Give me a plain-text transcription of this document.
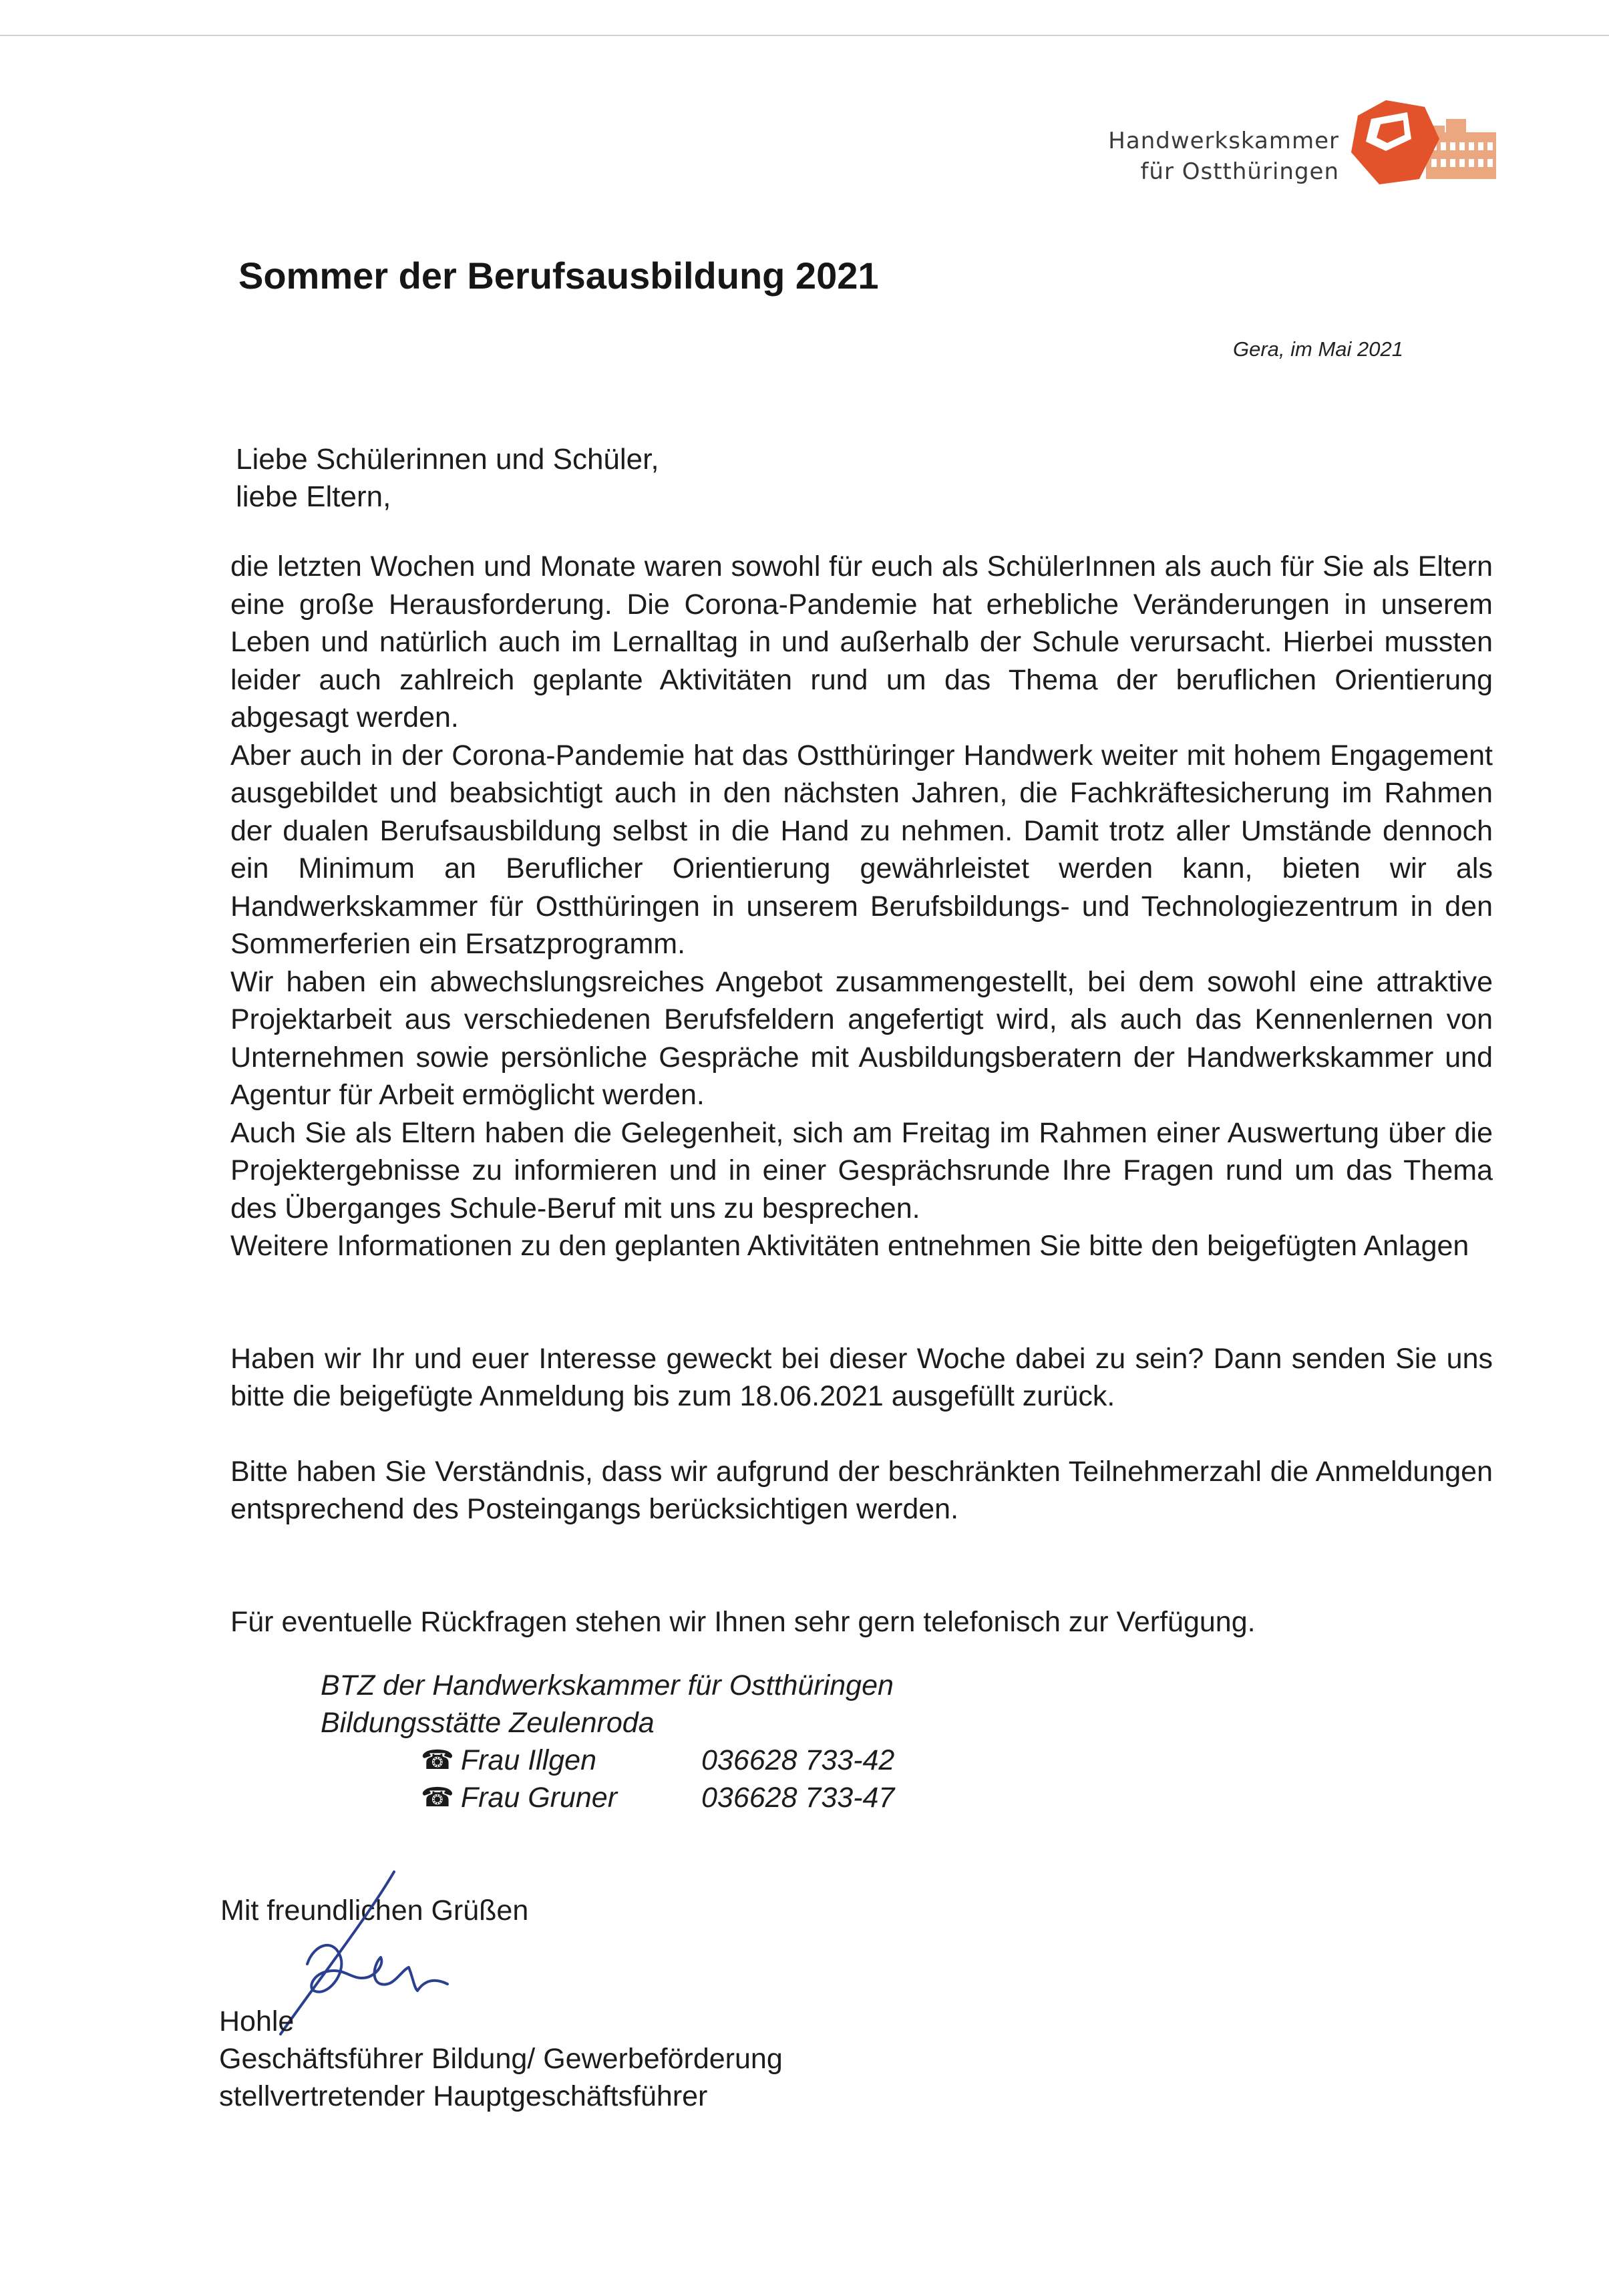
Handwerkskammer
für Ostthüringen
Sommer der Berufsausbildung 2021
Gera, im Mai 2021
Liebe Schülerinnen und Schüler,
liebe Eltern,

die letzten Wochen und Monate waren sowohl für euch als SchülerInnen als auch für Sie als Eltern eine große Herausforderung. Die Corona-Pandemie hat erhebliche Veränderungen in unserem Leben und natürlich auch im Lernalltag in und außerhalb der Schule verursacht. Hierbei mussten leider auch zahlreich geplante Aktivitäten rund um das Thema der beruflichen Orientierung abgesagt werden.

Aber auch in der Corona-Pandemie hat das Ostthüringer Handwerk weiter mit hohem Engagement ausgebildet und beabsichtigt auch in den nächsten Jahren, die Fachkräftesicherung im Rahmen der dualen Berufsausbildung selbst in die Hand zu nehmen. Damit trotz aller Umstände dennoch ein Minimum an Beruflicher Orientierung gewährleistet werden kann, bieten wir als Handwerkskammer für Ostthüringen in unserem Berufsbildungs- und Technologiezentrum in den Sommerferien ein Ersatzprogramm.

Wir haben ein abwechslungsreiches Angebot zusammengestellt, bei dem sowohl eine attraktive Projektarbeit aus verschiedenen Berufsfeldern angefertigt wird, als auch das Kennenlernen von Unternehmen sowie persönliche Gespräche mit Ausbildungsberatern der Handwerkskammer und Agentur für Arbeit ermöglicht werden.

Auch Sie als Eltern haben die Gelegenheit, sich am Freitag im Rahmen einer Auswertung über die Projektergebnisse zu informieren und in einer Gesprächsrunde Ihre Fragen rund um das Thema des Überganges Schule-Beruf mit uns zu besprechen.

Weitere Informationen zu den geplanten Aktivitäten entnehmen Sie bitte den beigefügten Anlagen

Haben wir Ihr und euer Interesse geweckt bei dieser Woche dabei zu sein? Dann senden Sie uns bitte die beigefügte Anmeldung bis zum 18.06.2021 ausgefüllt zurück.

Bitte haben Sie Verständnis, dass wir aufgrund der beschränkten Teilnehmerzahl die Anmeldungen entsprechend des Posteingangs berücksichtigen werden.

Für eventuelle Rückfragen stehen wir Ihnen sehr gern telefonisch zur Verfügung.

BTZ der Handwerkskammer für Ostthüringen
Bildungsstätte Zeulenroda
☎ Frau Illgen	036628 733-42
☎ Frau Gruner	036628 733-47
Mit freundlichen Grüßen
Hohle
Geschäftsführer Bildung/ Gewerbeförderung
stellvertretender Hauptgeschäftsführer
